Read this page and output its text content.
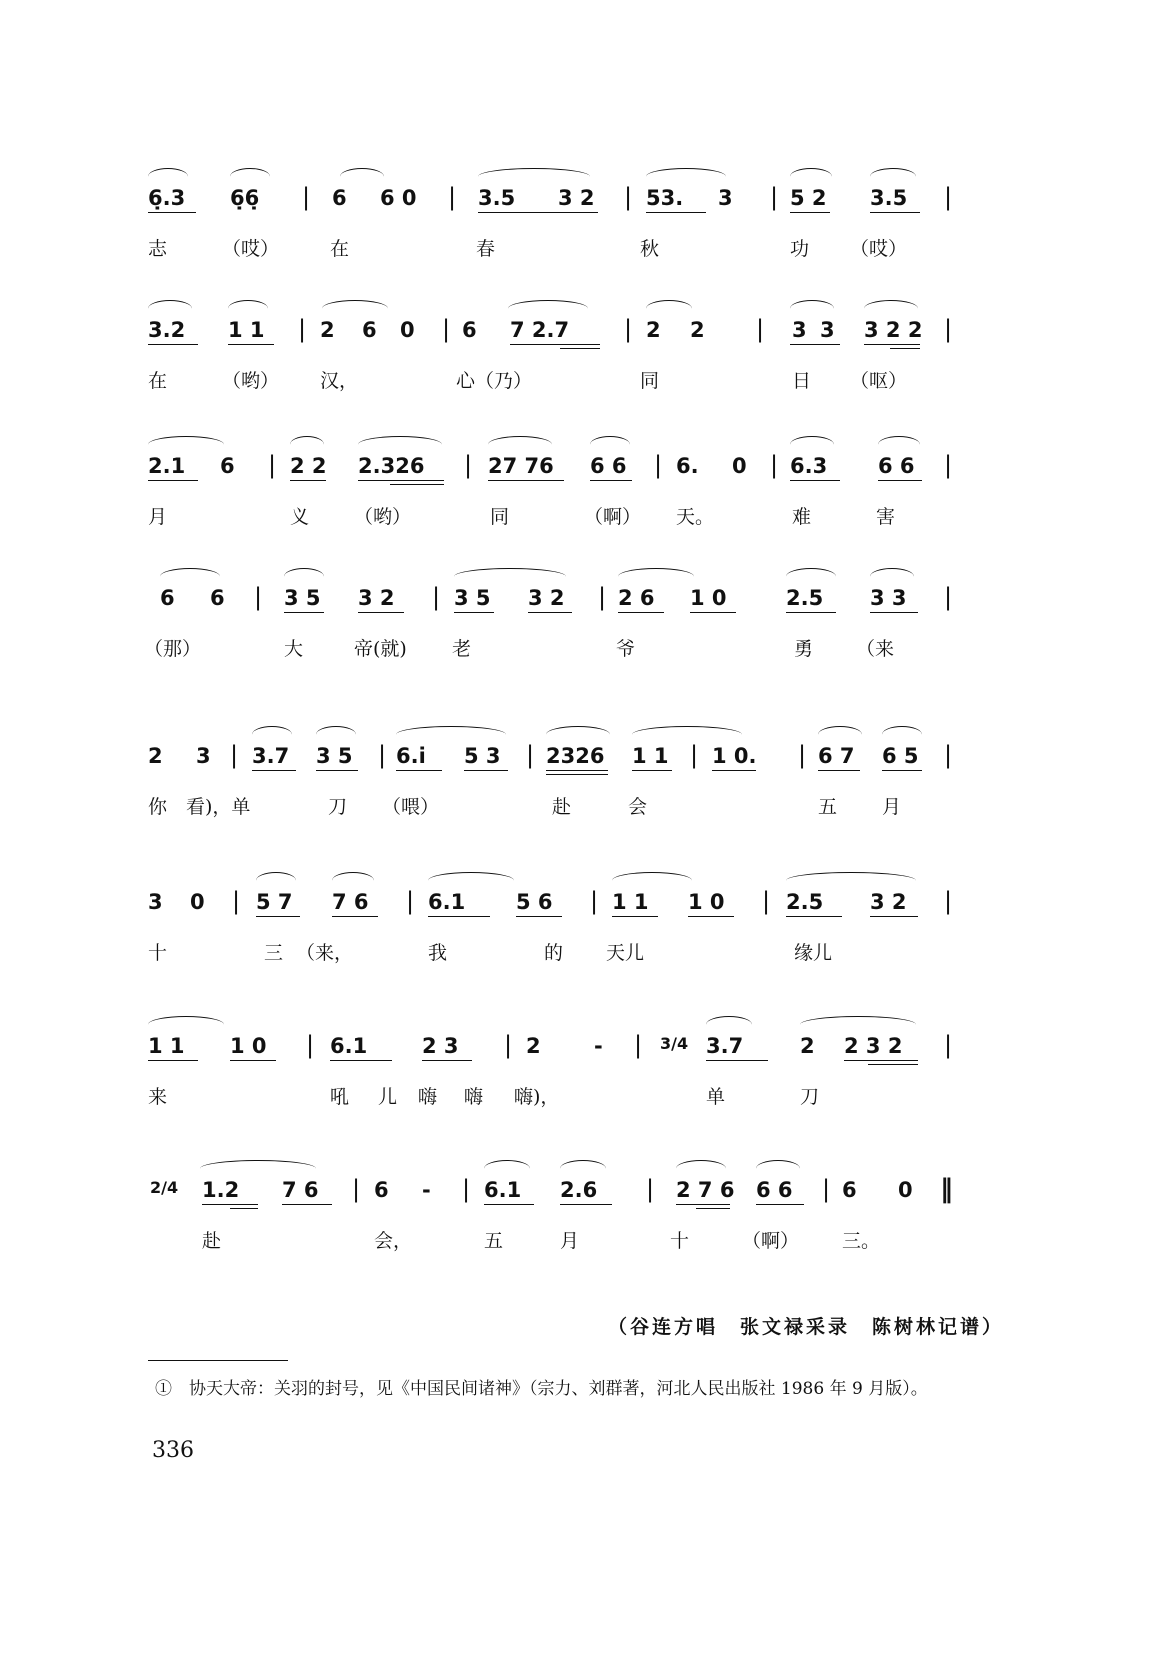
6̣.3 6̣6̣ | 6 6 0 | 3.5 3 2 | 53. 3 | 5 2 3.5 |
志	（哎）	在	春	秋	功 （哎）
3.2 1 1 | 2 6 0 | 6 7 2.7 | 2 2 | 3 3 3 2 2 |
在	（哟） 汉，	心（乃）	同	日 （呕）
2.1 6 | 2 2 2.326 | 27 76 6 6 | 6. 0 | 6.3 6 6 |
月	义 （哟）	同	（啊） 天。	难	害
6 6 | 3 5 3 2 | 3 5 3 2 | 2 6 1 0	2.5 3 3 |
（那）	大	帝(就) 老	爷	勇 （来
2 3 | 3.7 3 5 | 6.i 5 3 | 2326 1 1 | 1 0. | 6 7 6 5 |
你　看)，单	刀 （喂）	赴	会	五 月
3 0 | 5 7 7 6 | 6.1 5 6 | 1 1 1 0 | 2.5 3 2 |
十	三 （来，	我	的 天儿	缘儿
1 1 1 0 | 6.1	2 3 | 2	- | 3/4 3.7	2 2 3 2 |
来	吼 儿 嗨 嗨 嗨)，	单	刀
2/4 1.2 7 6 | 6 - | 6.1 2.6 | 2 7 6 6 6 | 6 0 ‖
赴	会，	五	月	十	（啊） 三。
（谷连方唱　张文禄采录　陈树林记谱）
①　协天大帝：关羽的封号，见《中国民间诸神》（宗力、刘群著，河北人民出版社 1986 年 9 月版）。
336
